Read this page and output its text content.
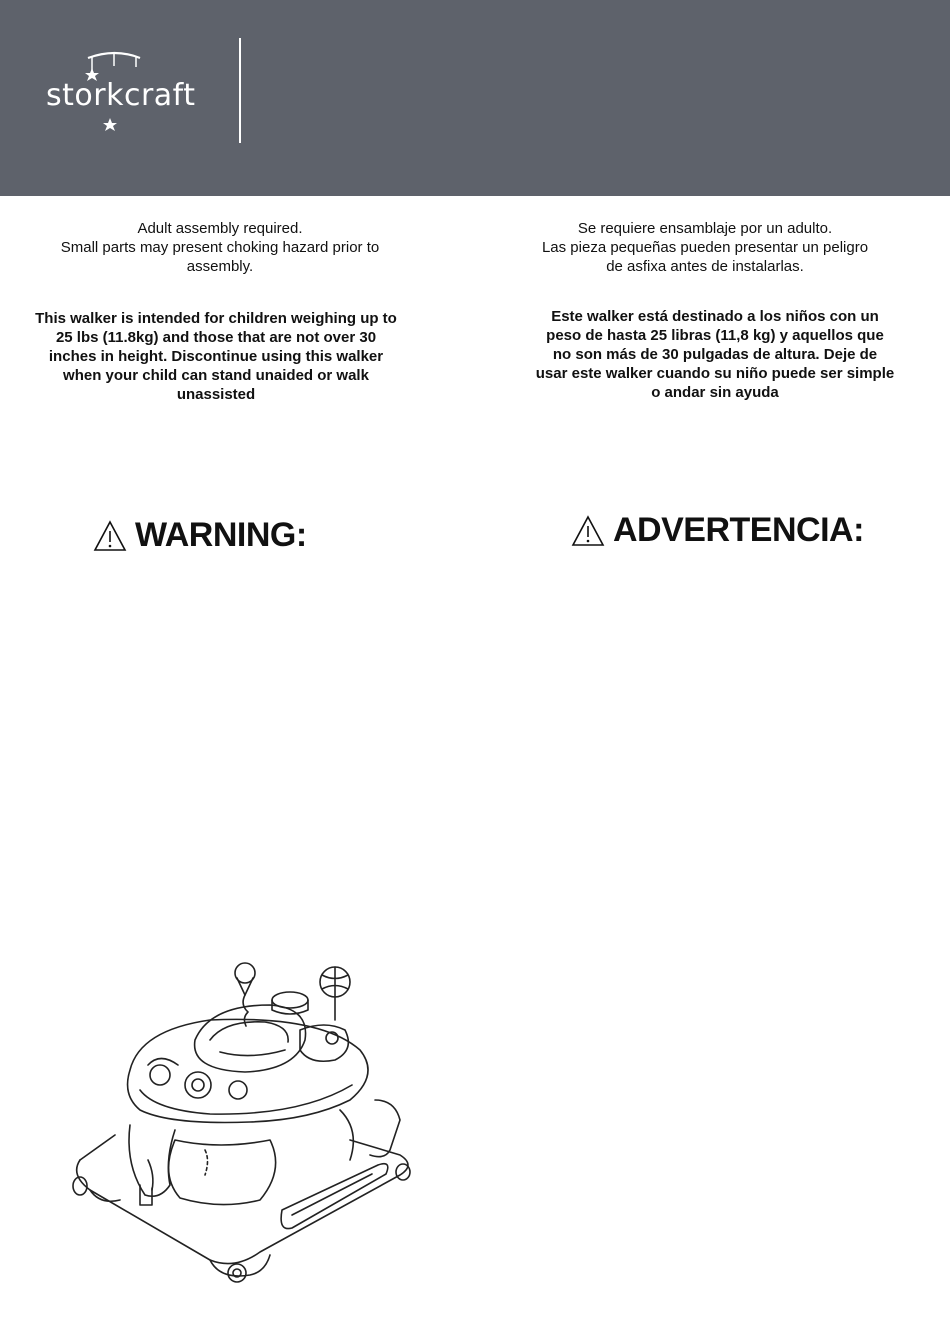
storkcraft
Adult assembly required.
Small parts may present choking hazard prior to
assembly.
This walker is intended for children weighing up to
25 lbs (11.8kg) and those that are not over 30
inches in height. Discontinue using this walker
when your child can stand unaided or walk
unassisted
WARNING:
Se requiere ensamblaje por un adulto.
Las pieza pequeñas pueden presentar un peligro
de asfixa antes de instalarlas.
Este walker está destinado a los niños con un
peso de hasta 25 libras (11,8 kg) y aquellos que
no son más de 30 pulgadas de altura. Deje de
usar este walker cuando su niño puede ser simple
o andar sin ayuda
ADVERTENCIA:
